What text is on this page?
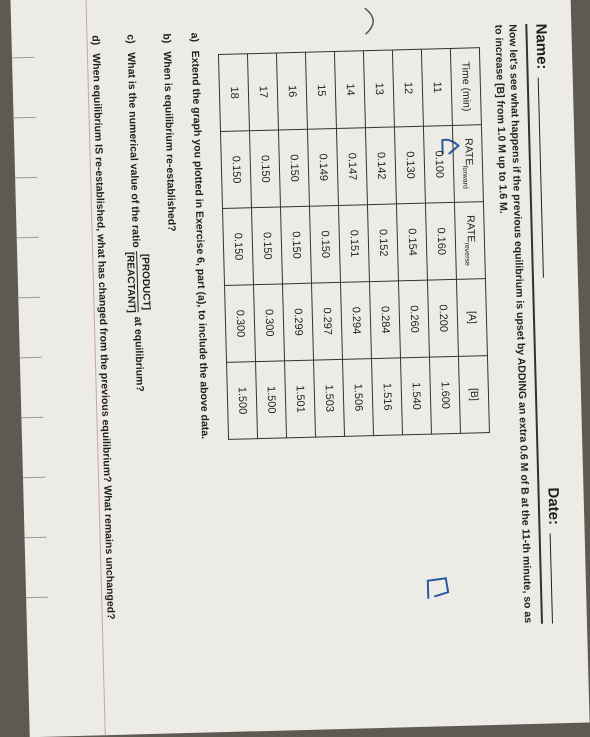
Name:
Date:
Now let's see what happens if the previous equilibrium is upset by ADDING an extra 0.6 M of B at the 11-th minute, so as to increase [B] from 1.0 M up to 1.6 M.
Time (min)	$RATE_{forward}$	$RATE_{reverse}$	[A]	[B]
11	0.100	0.160	0.200	1.600
12	0.130	0.154	0.260	1.540
13	0.142	0.152	0.284	1.516
14	0.147	0.151	0.294	1.506
15	0.149	0.150	0.297	1.503
16	0.150	0.150	0.299	1.501
17	0.150	0.150	0.300	1.500
18	0.150	0.150	0.300	1.500
a)
Extend the graph you plotted in Exercise 6, part (a), to include the above data.
b)
When is equilibrium re-established?
c)
What is the numerical value of the ratio
[PRODUCT]
[REACTANT]
at equilibrium?
d)
When equilibrium IS re-established, what has changed from the previous equilibrium? What remains unchanged?
